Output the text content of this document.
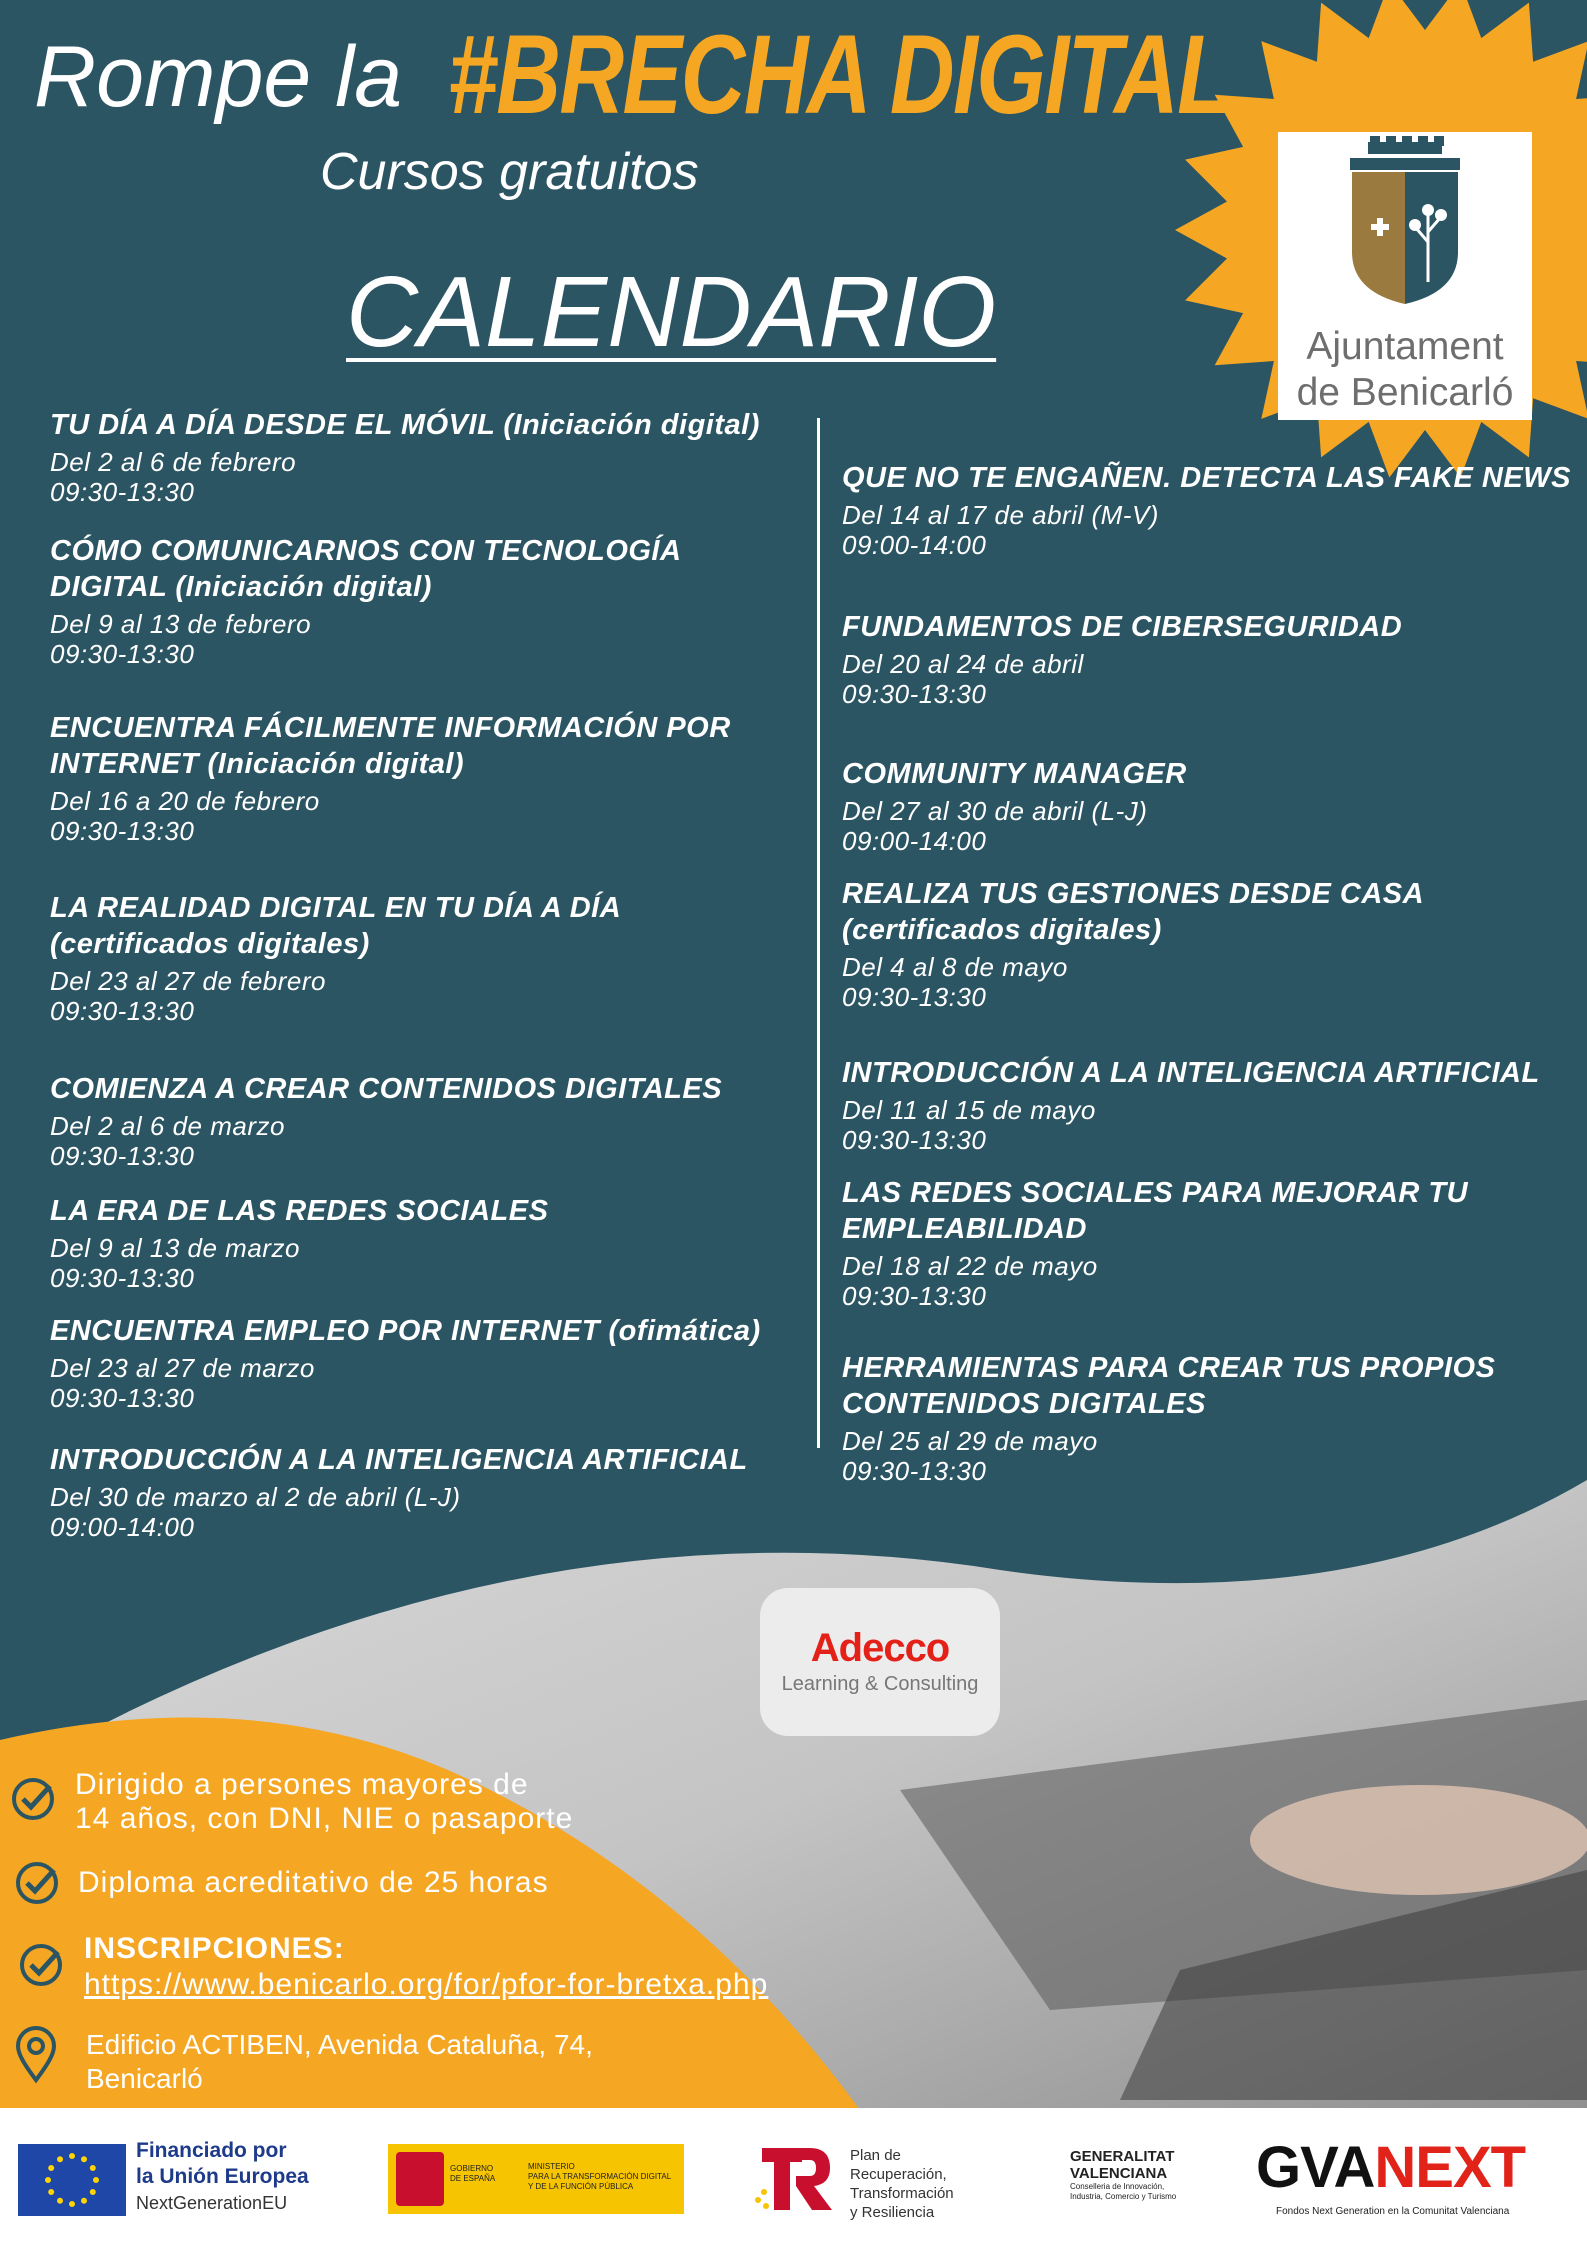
Rompe la #BRECHA DIGITAL
Cursos gratuitos
CALENDARIO	Ajuntament
de Benicarló
TU DÍA A DÍA DESDE EL MÓVIL (Iniciación digital)
Del 2 al 6 de febrero
09:30-13:30
CÓMO COMUNICARNOS CON TECNOLOGÍA
DIGITAL (Iniciación digital)
Del 9 al 13 de febrero
09:30-13:30
ENCUENTRA FÁCILMENTE INFORMACIÓN POR
INTERNET (Iniciación digital)
Del 16 a 20 de febrero
09:30-13:30
LA REALIDAD DIGITAL EN TU DÍA A DÍA
(certificados digitales)
Del 23 al 27 de febrero
09:30-13:30
COMIENZA A CREAR CONTENIDOS DIGITALES
Del 2 al 6 de marzo
09:30-13:30
LA ERA DE LAS REDES SOCIALES
Del 9 al 13 de marzo
09:30-13:30
ENCUENTRA EMPLEO POR INTERNET (ofimática)
Del 23 al 27 de marzo
09:30-13:30
INTRODUCCIÓN A LA INTELIGENCIA ARTIFICIAL
Del 30 de marzo al 2 de abril (L-J)
09:00-14:00
QUE NO TE ENGAÑEN. DETECTA LAS FAKE NEWS
Del 14 al 17 de abril (M-V)
09:00-14:00
FUNDAMENTOS DE CIBERSEGURIDAD
Del 20 al 24 de abril
09:30-13:30
COMMUNITY MANAGER
Del 27 al 30 de abril (L-J)
09:00-14:00
REALIZA TUS GESTIONES DESDE CASA
(certificados digitales)
Del 4 al 8 de mayo
09:30-13:30
INTRODUCCIÓN A LA INTELIGENCIA ARTIFICIAL
Del 11 al 15 de mayo
09:30-13:30
LAS REDES SOCIALES PARA MEJORAR TU
EMPLEABILIDAD
Del 18 al 22 de mayo
09:30-13:30
HERRAMIENTAS PARA CREAR TUS PROPIOS
CONTENIDOS DIGITALES
Del 25 al 29 de mayo
09:30-13:30
Adecco
Learning & Consulting
Dirigido a persones mayores de
14 años, con DNI, NIE o pasaporte
Diploma acreditativo de 25 horas
INSCRIPCIONES:
https://www.benicarlo.org/for/pfor-for-bretxa.php
Edificio ACTIBEN, Avenida Cataluña, 74,
Benicarló
Financiado por
la Unión Europea
NextGenerationEU
GOBIERNO
DE ESPAÑA
MINISTERIO
PARA LA TRANSFORMACIÓN DIGITAL
Y DE LA FUNCIÓN PÚBLICA
Plan de
Recuperación,
Transformación
y Resiliencia
GENERALITAT
VALENCIANA
Conselleria de Innovación,
Industria, Comercio y Turismo GVANEXT
Fondos Next Generation en la Comunitat Valenciana
